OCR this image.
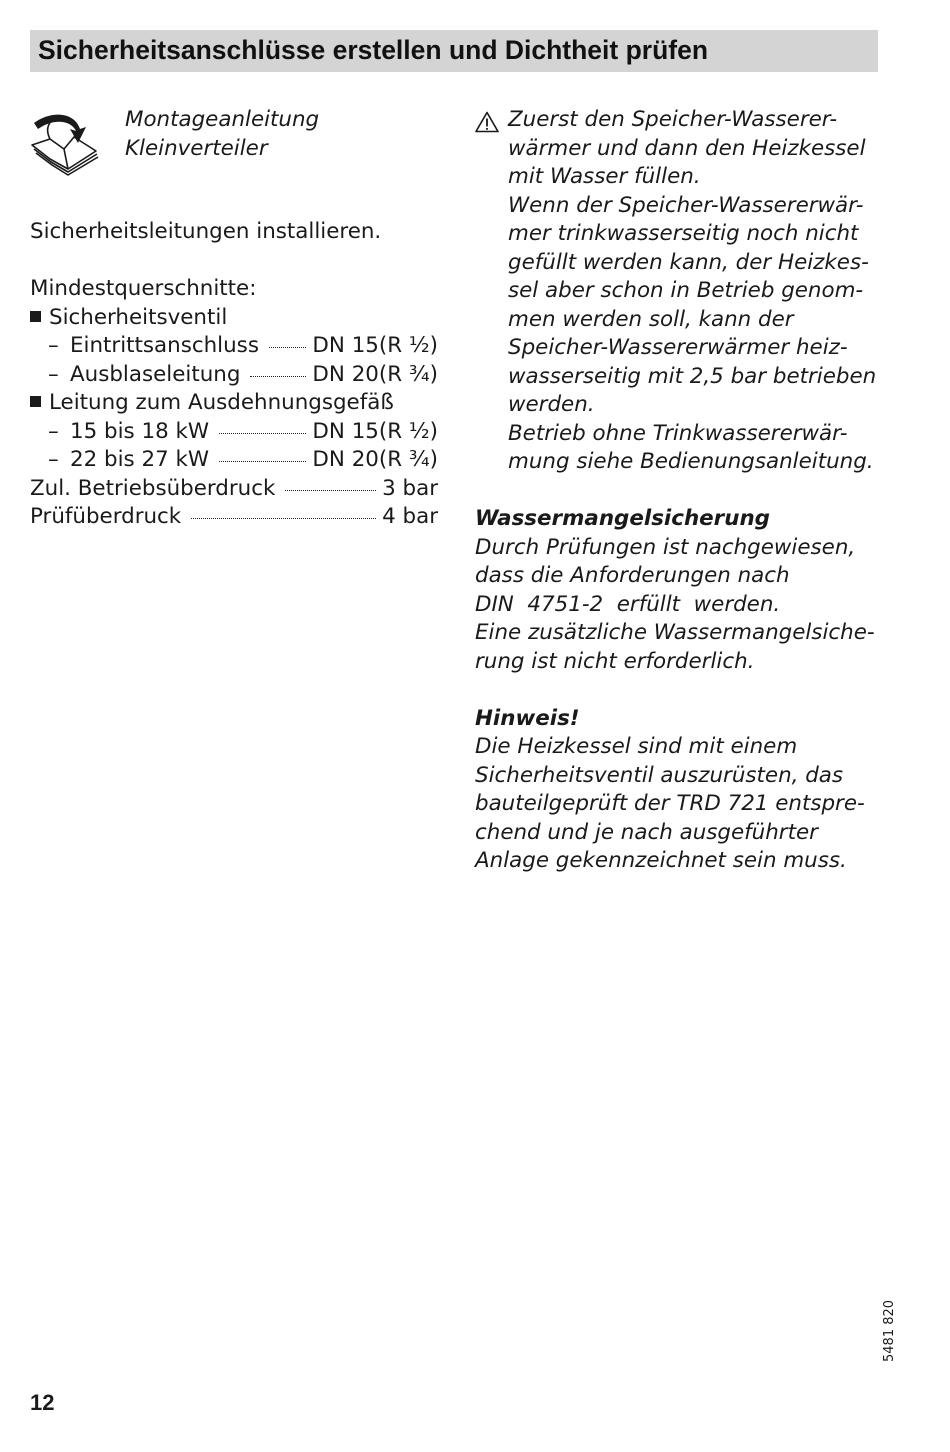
Sicherheitsanschlüsse erstellen und Dichtheit prüfen
Montageanleitung
Kleinverteiler
Sicherheitsleitungen installieren.
Mindestquerschnitte:
Sicherheitsventil
– Eintrittsanschluss DN 15(R ½)
– Ausblaseleitung	DN 20(R ¾)
Leitung zum Ausdehnungsgefäß
– 15 bis 18 kW	DN 15(R ½)
– 22 bis 27 kW	DN 20(R ¾)
Zul. Betriebsüberdruck	3 bar
Prüfüberdruck	4 bar
Zuerst den Speicher-Wasserer-
wärmer und dann den Heizkessel
mit Wasser füllen.
Wenn der Speicher-Wassererwär-
mer trinkwasserseitig noch nicht
gefüllt werden kann, der Heizkes-
sel aber schon in Betrieb genom-
men werden soll, kann der
Speicher-Wassererwärmer heiz-
wasserseitig mit 2,5 bar betrieben
werden.
Betrieb ohne Trinkwassererwär-
mung siehe Bedienungsanleitung.
Wassermangelsicherung
Durch Prüfungen ist nachgewiesen,
dass die Anforderungen nach
DIN  4751-2  erfüllt  werden.
Eine zusätzliche Wassermangelsiche-
rung ist nicht erforderlich.
Hinweis!
Die Heizkessel sind mit einem
Sicherheitsventil auszurüsten, das
bauteilgeprüft der TRD 721 entspre-
chend und je nach ausgeführter
Anlage gekennzeichnet sein muss.
12
5481 820
